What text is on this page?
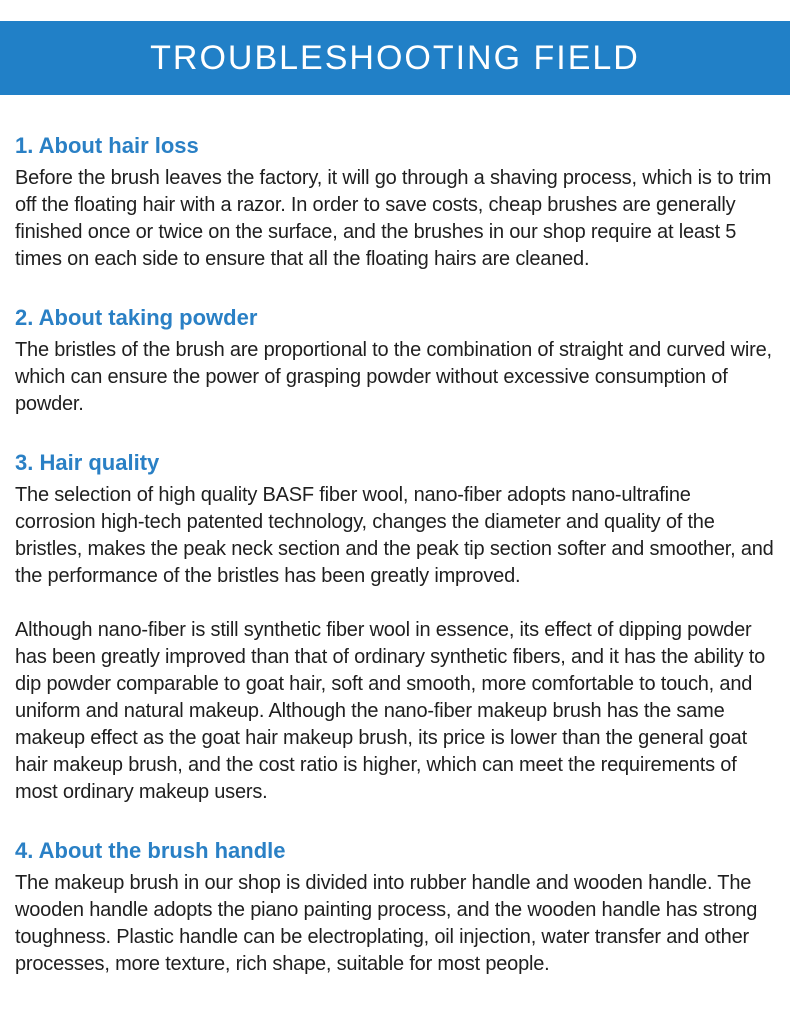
TROUBLESHOOTING FIELD
1. About hair loss

Before the brush leaves the factory, it will go through a shaving process, which is to trim off the floating hair with a razor. In order to save costs, cheap brushes are generally finished once or twice on the surface, and the brushes in our shop require at least 5 times on each side to ensure that all the floating hairs are cleaned.

2. About taking powder

The bristles of the brush are proportional to the combination of straight and curved wire, which can ensure the power of grasping powder without excessive consumption of powder.

3. Hair quality

The selection of high quality BASF fiber wool, nano-fiber adopts nano-ultrafine corrosion high-tech patented technology, changes the diameter and quality of the bristles, makes the peak neck section and the peak tip section softer and smoother, and the performance of the bristles has been greatly improved.

Although nano-fiber is still synthetic fiber wool in essence, its effect of dipping powder has been greatly improved than that of ordinary synthetic fibers, and it has the ability to dip powder comparable to goat hair, soft and smooth, more comfortable to touch, and uniform and natural makeup. Although the nano-fiber makeup brush has the same makeup effect as the goat hair makeup brush, its price is lower than the general goat hair makeup brush, and the cost ratio is higher, which can meet the requirements of most ordinary makeup users.

4. About the brush handle

The makeup brush in our shop is divided into rubber handle and wooden handle. The wooden handle adopts the piano painting process, and the wooden handle has strong toughness. Plastic handle can be electroplating, oil injection, water transfer and other processes, more texture, rich shape, suitable for most people.
